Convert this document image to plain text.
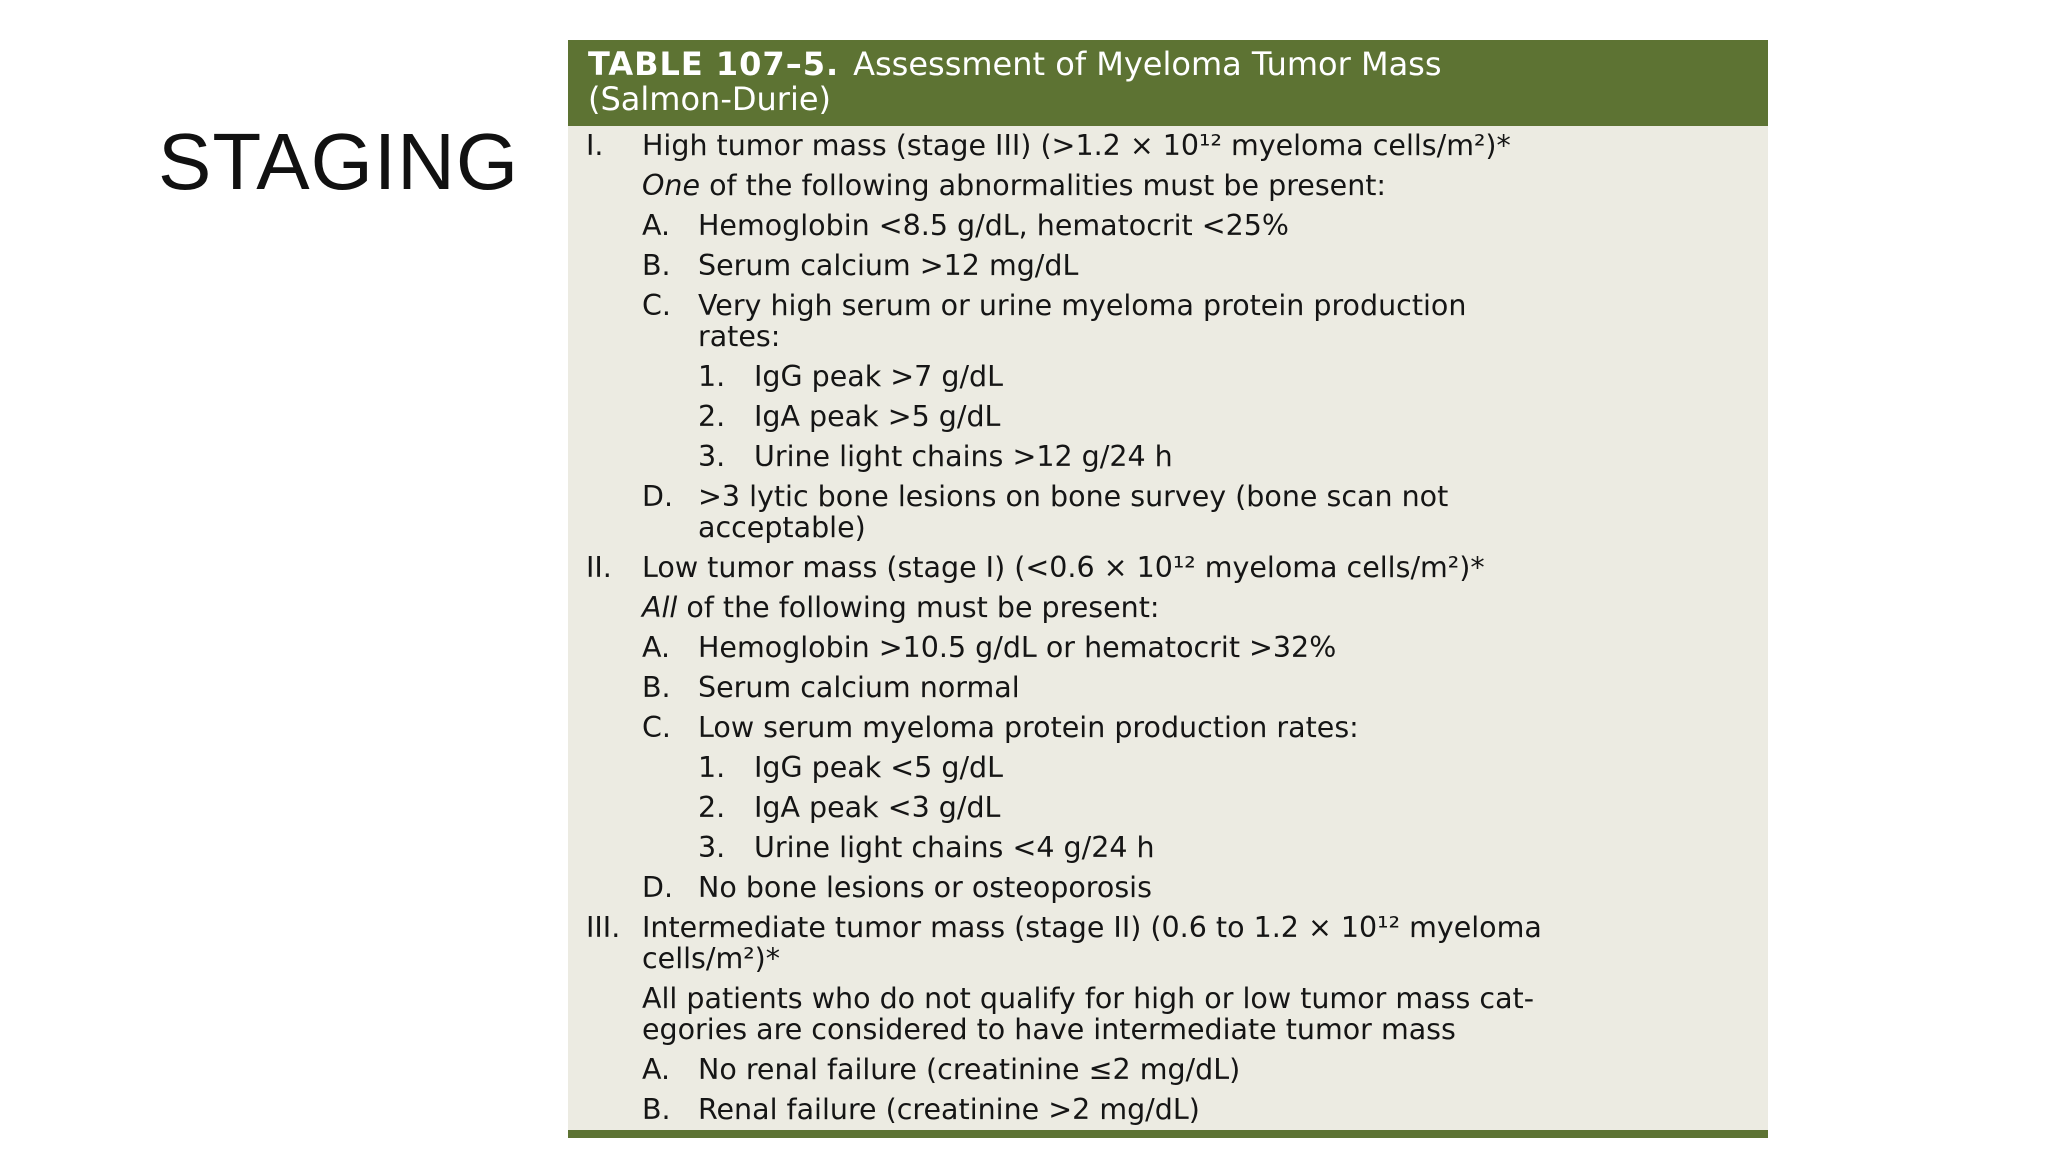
STAGING
TABLE 107–5. Assessment of Myeloma Tumor Mass
(Salmon-Durie)
I.	High tumor mass (stage III) (>1.2 × 10¹² myeloma cells/m²)*
One of the following abnormalities must be present:
A. Hemoglobin <8.5 g/dL, hematocrit <25%
B. Serum calcium >12 mg/dL
C. Very high serum or urine myeloma protein production
rates:
1.	IgG peak >7 g/dL
2.	IgA peak >5 g/dL
3.	Urine light chains >12 g/24 h
D. >3 lytic bone lesions on bone survey (bone scan not
acceptable)
II.	Low tumor mass (stage I) (<0.6 × 10¹² myeloma cells/m²)*
All of the following must be present:
A. Hemoglobin >10.5 g/dL or hematocrit >32%
B. Serum calcium normal
C. Low serum myeloma protein production rates:
1.	IgG peak <5 g/dL
2.	IgA peak <3 g/dL
3.	Urine light chains <4 g/24 h
D. No bone lesions or osteoporosis
III. Intermediate tumor mass (stage II) (0.6 to 1.2 × 10¹² myeloma
cells/m²)*
All patients who do not qualify for high or low tumor mass cat-
egories are considered to have intermediate tumor mass
A. No renal failure (creatinine ≤2 mg/dL)
B. Renal failure (creatinine >2 mg/dL)
